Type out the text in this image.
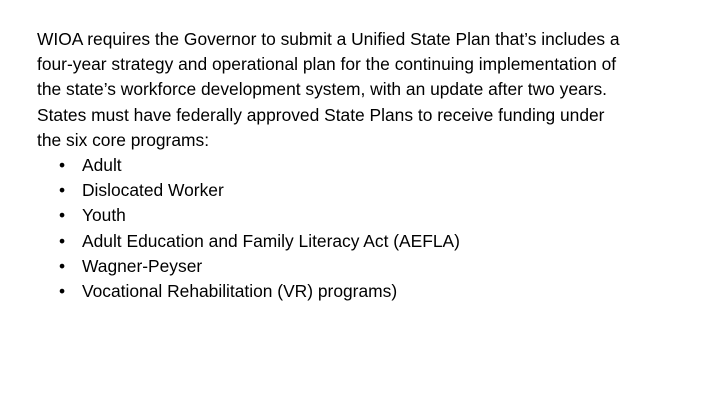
WIOA requires the Governor to submit a Unified State Plan that’s includes a
four-year strategy and operational plan for the continuing implementation of
the state’s workforce development system, with an update after two years.
States must have federally approved State Plans to receive funding under
the six core programs:

• Adult
• Dislocated Worker
• Youth
• Adult Education and Family Literacy Act (AEFLA)
• Wagner-Peyser
• Vocational Rehabilitation (VR) programs)
